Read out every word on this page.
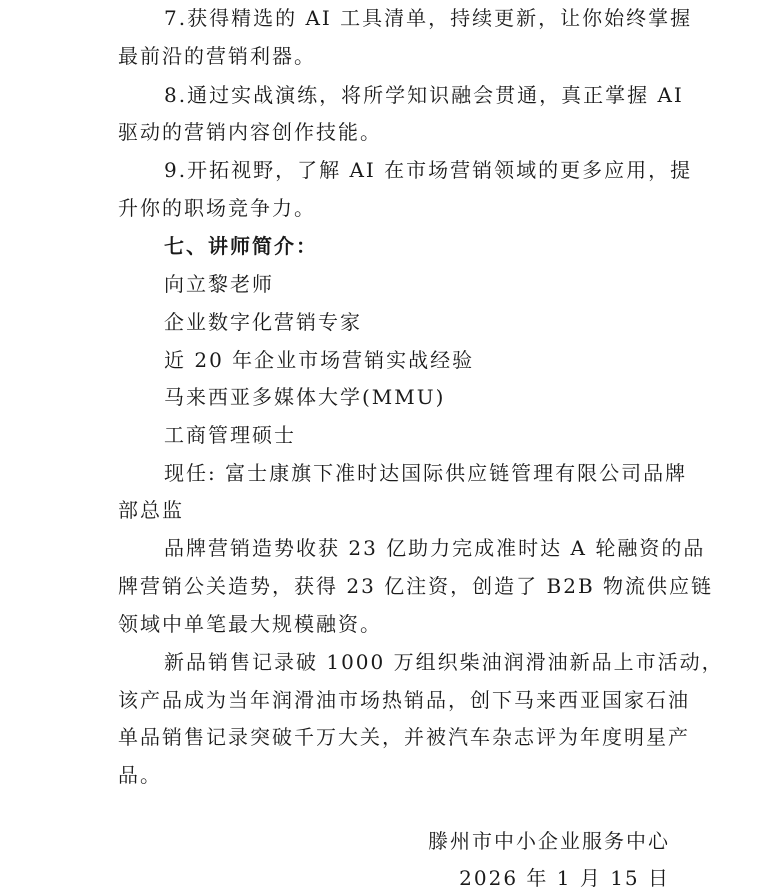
7.获得精选的 AI 工具清单，持续更新，让你始终掌握
最前沿的营销利器。
8.通过实战演练，将所学知识融会贯通，真正掌握 AI
驱动的营销内容创作技能。
9.开拓视野，了解 AI 在市场营销领域的更多应用，提
升你的职场竞争力。
七、讲师简介：
向立黎老师
企业数字化营销专家
近 20 年企业市场营销实战经验
马来西亚多媒体大学(MMU)
工商管理硕士
现任: 富士康旗下准时达国际供应链管理有限公司品牌
部总监
品牌营销造势收获 23 亿助力完成准时达 A 轮融资的品
牌营销公关造势，获得 23 亿注资，创造了 B2B 物流供应链
领域中单笔最大规模融资。
新品销售记录破 1000 万组织柴油润滑油新品上市活动，
该产品成为当年润滑油市场热销品，创下马来西亚国家石油
单品销售记录突破千万大关，并被汽车杂志评为年度明星产
品。
滕州市中小企业服务中心
2026 年 1 月 15 日
